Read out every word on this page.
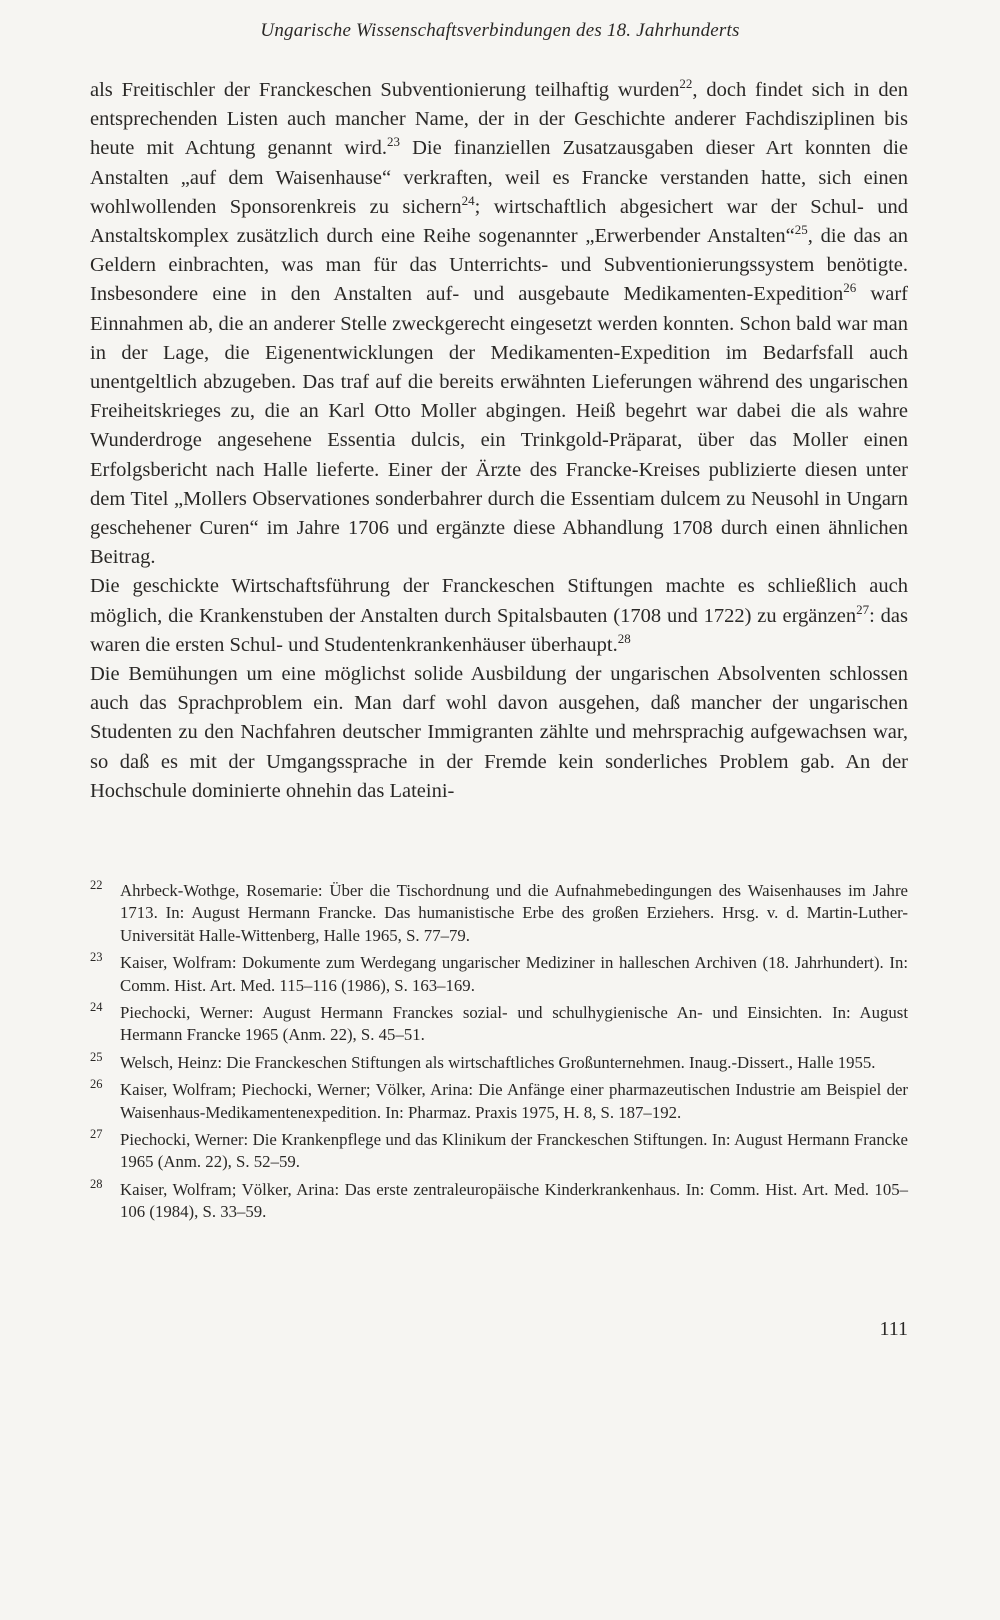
Ungarische Wissenschaftsverbindungen des 18. Jahrhunderts

als Freitischler der Franckeschen Subventionierung teilhaftig wurden$^{22}$, doch findet sich in den entsprechenden Listen auch mancher Name, der in der Geschichte anderer Fachdisziplinen bis heute mit Achtung genannt wird.$^{23}$ Die finanziellen Zusatzausgaben dieser Art konnten die Anstalten „auf dem Waisenhause“ verkraften, weil es Francke verstanden hatte, sich einen wohlwollenden Sponsorenkreis zu sichern$^{24}$; wirtschaftlich abgesichert war der Schul- und Anstaltskomplex zusätzlich durch eine Reihe sogenannter „Erwerbender Anstalten“$^{25}$, die das an Geldern einbrachten, was man für das Unterrichts- und Subventionierungssystem benötigte. Insbesondere eine in den Anstalten auf- und ausgebaute Medikamenten-Expedition$^{26}$ warf Einnahmen ab, die an anderer Stelle zweckgerecht eingesetzt werden konnten. Schon bald war man in der Lage, die Eigenentwicklungen der Medikamenten-Expedition im Bedarfsfall auch unentgeltlich abzugeben. Das traf auf die bereits erwähnten Lieferungen während des ungarischen Freiheitskrieges zu, die an Karl Otto Moller abgingen. Heiß begehrt war dabei die als wahre Wunderdroge angesehene Essentia dulcis, ein Trinkgold-Präparat, über das Moller einen Erfolgsbericht nach Halle lieferte. Einer der Ärzte des Francke-Kreises publizierte diesen unter dem Titel „Mollers Observationes sonderbahrer durch die Essentiam dulcem zu Neusohl in Ungarn geschehener Curen“ im Jahre 1706 und ergänzte diese Abhandlung 1708 durch einen ähnlichen Beitrag.

Die geschickte Wirtschaftsführung der Franckeschen Stiftungen machte es schließlich auch möglich, die Krankenstuben der Anstalten durch Spitalsbauten (1708 und 1722) zu ergänzen$^{27}$: das waren die ersten Schul- und Studentenkrankenhäuser überhaupt.$^{28}$

Die Bemühungen um eine möglichst solide Ausbildung der ungarischen Absolventen schlossen auch das Sprachproblem ein. Man darf wohl davon ausgehen, daß mancher der ungarischen Studenten zu den Nachfahren deutscher Immigranten zählte und mehrsprachig aufgewachsen war, so daß es mit der Umgangssprache in der Fremde kein sonderliches Problem gab. An der Hochschule dominierte ohnehin das Lateini-

22	Ahrbeck-Wothge, Rosemarie: Über die Tischordnung und die Aufnahmebedingungen des Waisenhauses im Jahre 1713. In: August Hermann Francke. Das humanistische Erbe des großen Erziehers. Hrsg. v. d. Martin-Luther-Universität Halle-Wittenberg, Halle 1965, S. 77–79.
23	Kaiser, Wolfram: Dokumente zum Werdegang ungarischer Mediziner in halleschen Archiven (18. Jahrhundert). In: Comm. Hist. Art. Med. 115–116 (1986), S. 163–169.
24	Piechocki, Werner: August Hermann Franckes sozial- und schulhygienische An- und Einsichten. In: August Hermann Francke 1965 (Anm. 22), S. 45–51.
25	Welsch, Heinz: Die Franckeschen Stiftungen als wirtschaftliches Großunternehmen. Inaug.-Dissert., Halle 1955.
26	Kaiser, Wolfram; Piechocki, Werner; Völker, Arina: Die Anfänge einer pharmazeutischen Industrie am Beispiel der Waisenhaus-Medikamentenexpedition. In: Pharmaz. Praxis 1975, H. 8, S. 187–192.
27	Piechocki, Werner: Die Krankenpflege und das Klinikum der Franckeschen Stiftungen. In: August Hermann Francke 1965 (Anm. 22), S. 52–59.
28	Kaiser, Wolfram; Völker, Arina: Das erste zentraleuropäische Kinderkrankenhaus. In: Comm. Hist. Art. Med. 105–106 (1984), S. 33–59.
111
